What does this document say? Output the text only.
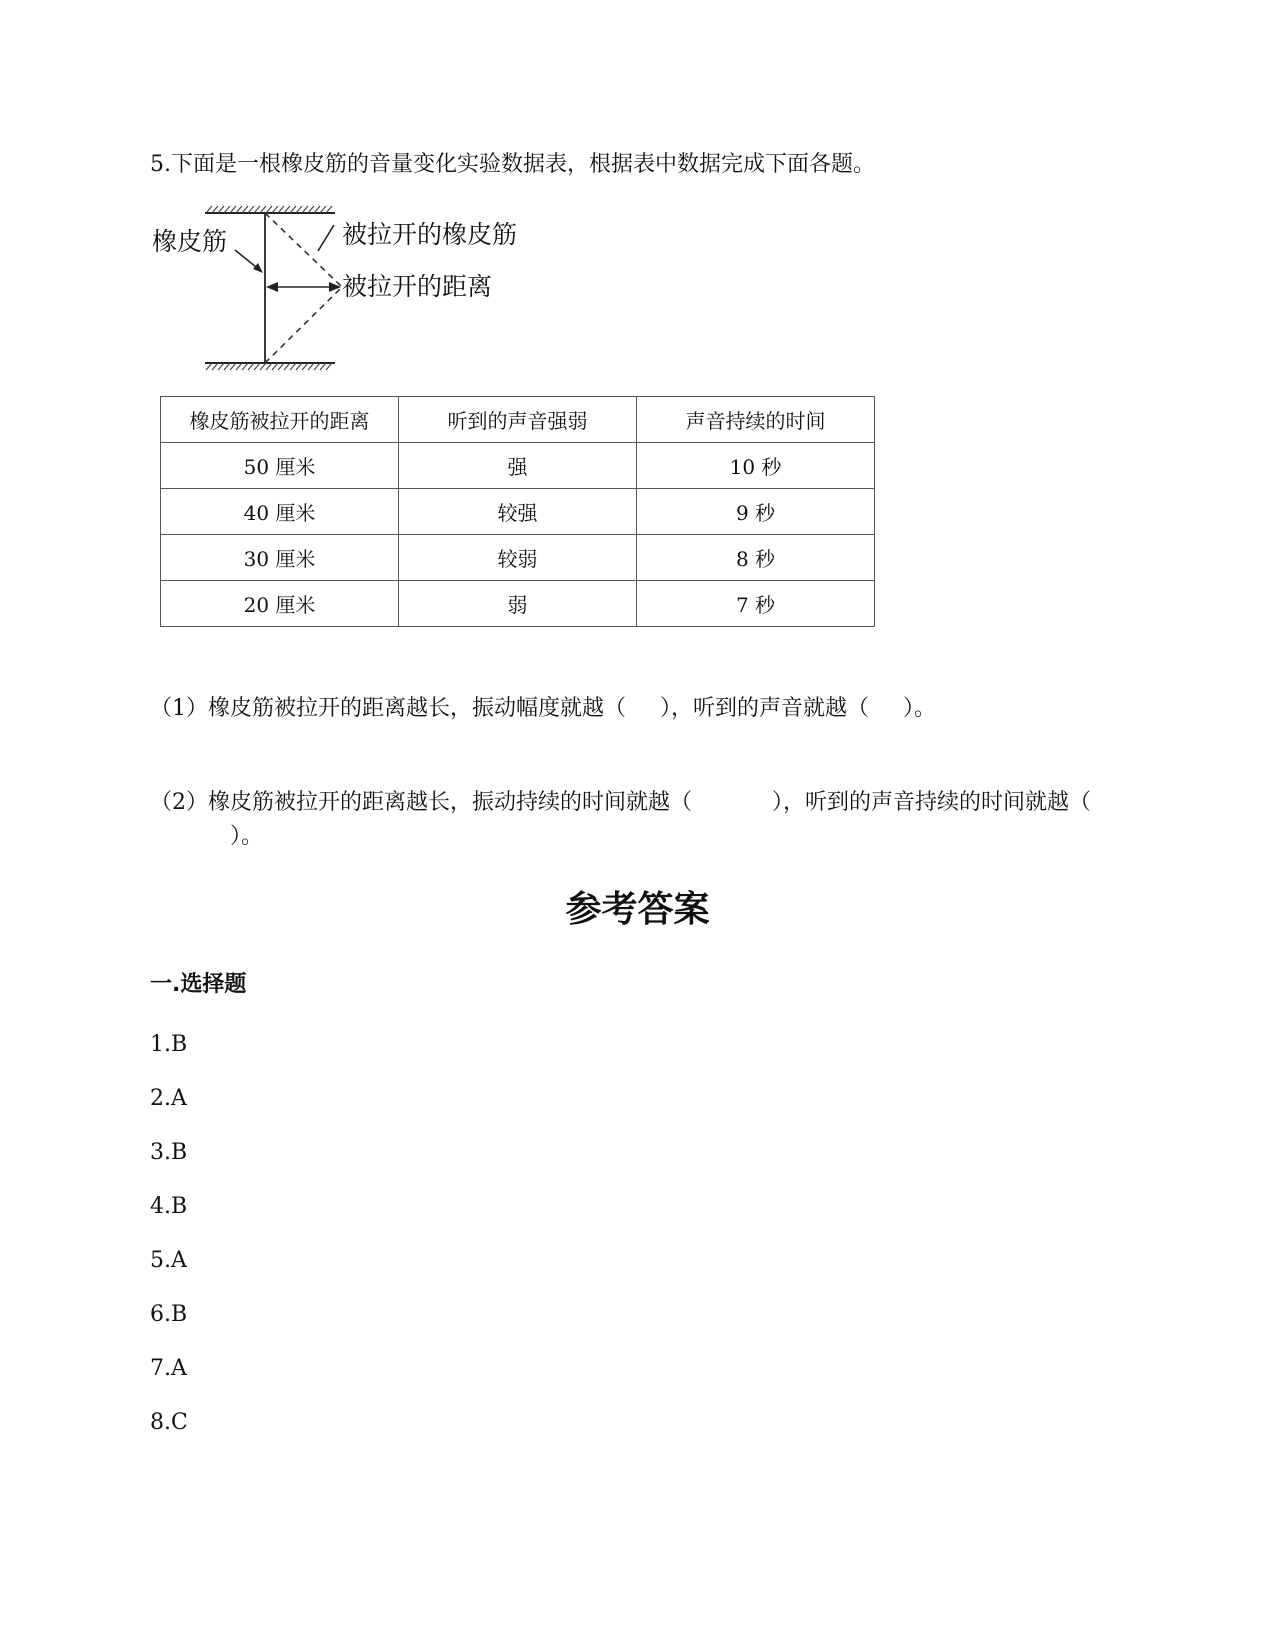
5.下面是一根橡皮筋的音量变化实验数据表，根据表中数据完成下面各题。
橡皮筋	被拉开的橡皮筋
被拉开的距离
橡皮筋被拉开的距离	听到的声音强弱	声音持续的时间
50 厘米	强	10 秒
40 厘米	较强	9 秒
30 厘米	较弱	8 秒
20 厘米	弱	7 秒
（1）橡皮筋被拉开的距离越长，振动幅度就越（ ），听到的声音就越（ ）。
（2）橡皮筋被拉开的距离越长，振动持续的时间就越（	），听到的声音持续的时间就越（）。
参考答案
一.选择题
1.B
2.A
3.B
4.B
5.A
6.B
7.A
8.C
